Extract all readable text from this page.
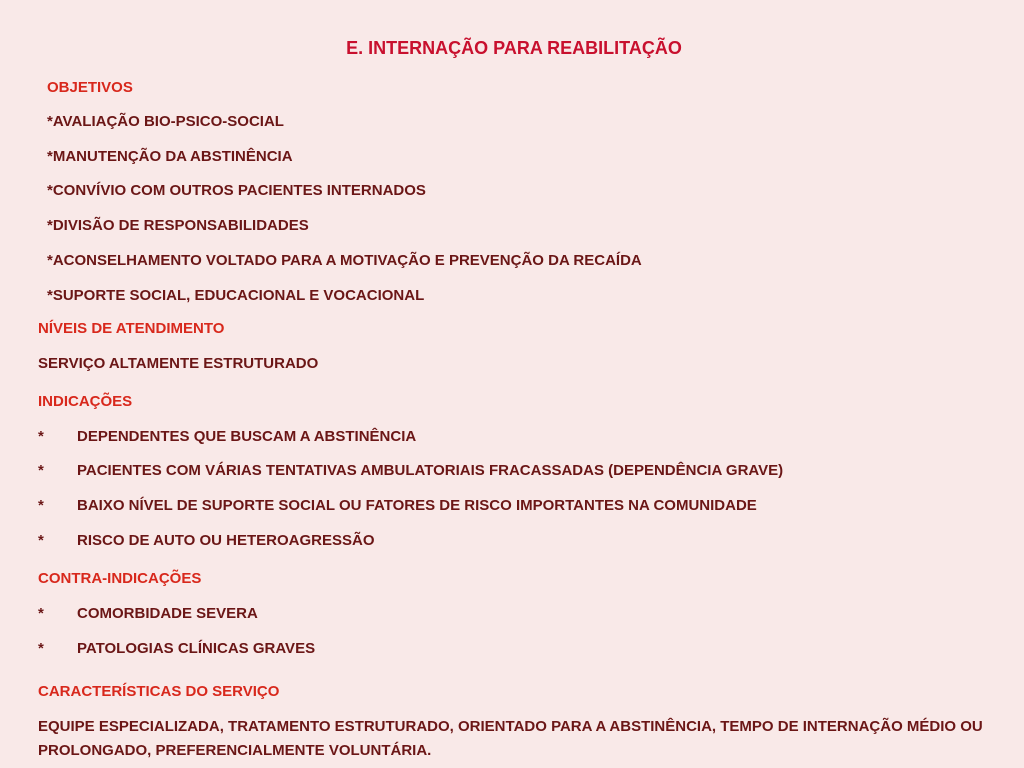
E. INTERNAÇÃO PARA REABILITAÇÃO
OBJETIVOS
*AVALIAÇÃO BIO-PSICO-SOCIAL
*MANUTENÇÃO DA ABSTINÊNCIA
*CONVÍVIO COM OUTROS PACIENTES INTERNADOS
*DIVISÃO DE RESPONSABILIDADES
*ACONSELHAMENTO VOLTADO PARA A MOTIVAÇÃO E PREVENÇÃO DA RECAÍDA
*SUPORTE SOCIAL, EDUCACIONAL E VOCACIONAL
NÍVEIS DE ATENDIMENTO
SERVIÇO ALTAMENTE ESTRUTURADO
INDICAÇÕES
* DEPENDENTES QUE BUSCAM A ABSTINÊNCIA
* PACIENTES COM VÁRIAS TENTATIVAS AMBULATORIAIS FRACASSADAS (DEPENDÊNCIA GRAVE)
* BAIXO NÍVEL DE SUPORTE SOCIAL OU FATORES DE RISCO IMPORTANTES NA COMUNIDADE
* RISCO DE AUTO OU HETEROAGRESSÃO
CONTRA-INDICAÇÕES
* COMORBIDADE SEVERA
* PATOLOGIAS CLÍNICAS GRAVES
CARACTERÍSTICAS DO SERVIÇO
EQUIPE ESPECIALIZADA, TRATAMENTO ESTRUTURADO, ORIENTADO PARA A ABSTINÊNCIA, TEMPO DE INTERNAÇÃO MÉDIO OU PROLONGADO, PREFERENCIALMENTE VOLUNTÁRIA.
